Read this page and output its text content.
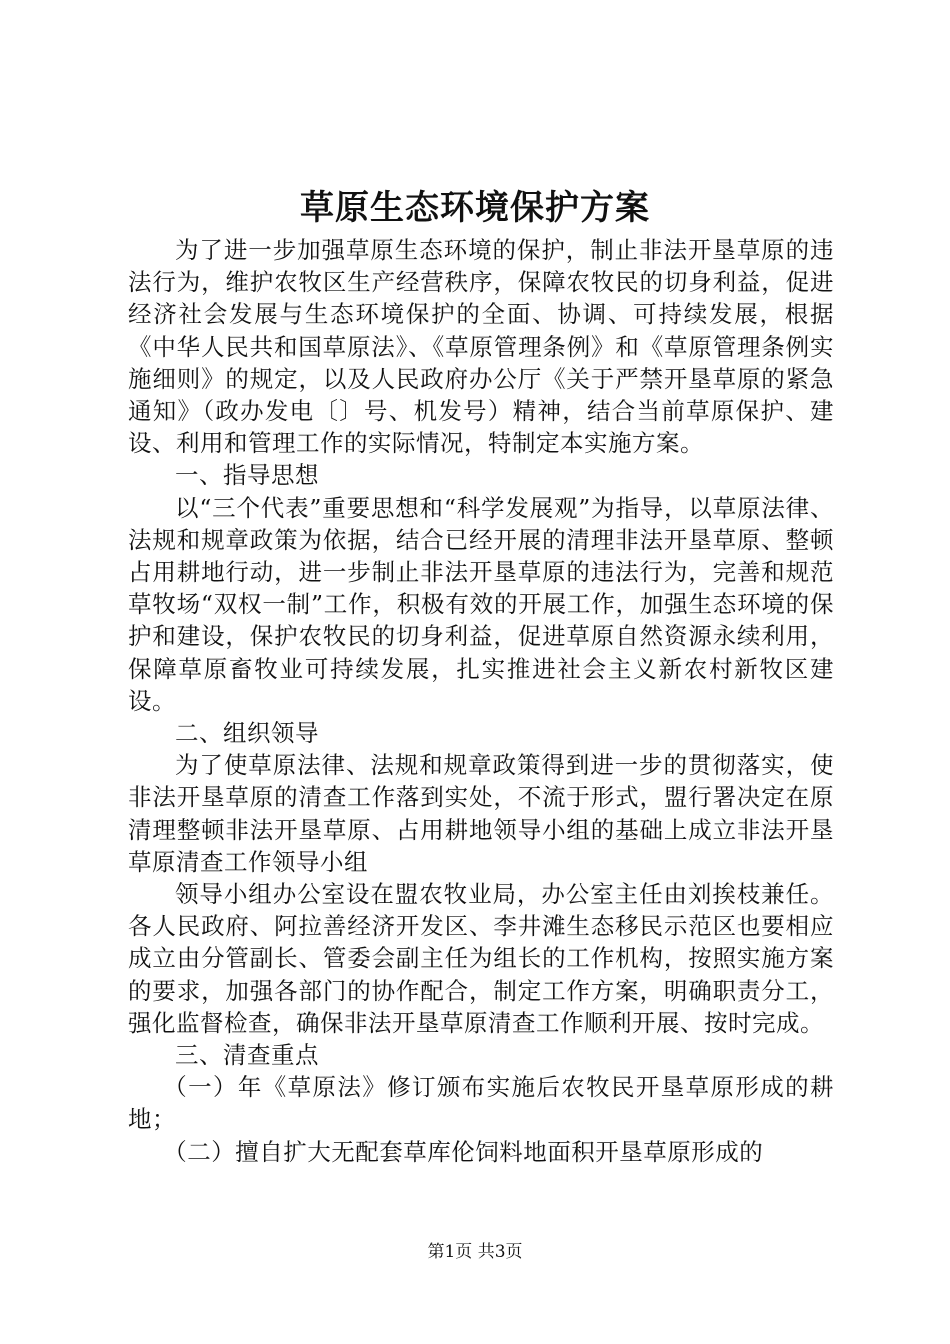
草原生态环境保护方案

为了进一步加强草原生态环境的保护，制止非法开垦草原的违法行为，维护农牧区生产经营秩序，保障农牧民的切身利益，促进经济社会发展与生态环境保护的全面、协调、可持续发展，根据《中华人民共和国草原法》、《草原管理条例》和《草原管理条例实施细则》的规定，以及人民政府办公厅《关于严禁开垦草原的紧急通知》（政办发电〔〕号、机发号）精神，结合当前草原保护、建设、利用和管理工作的实际情况，特制定本实施方案。

一、指导思想

以“三个代表”重要思想和“科学发展观”为指导，以草原法律、法规和规章政策为依据，结合已经开展的清理非法开垦草原、整顿占用耕地行动，进一步制止非法开垦草原的违法行为，完善和规范草牧场“双权一制”工作，积极有效的开展工作，加强生态环境的保护和建设，保护农牧民的切身利益，促进草原自然资源永续利用，保障草原畜牧业可持续发展，扎实推进社会主义新农村新牧区建设。

二、组织领导

为了使草原法律、法规和规章政策得到进一步的贯彻落实，使非法开垦草原的清查工作落到实处，不流于形式，盟行署决定在原清理整顿非法开垦草原、占用耕地领导小组的基础上成立非法开垦草原清查工作领导小组

领导小组办公室设在盟农牧业局，办公室主任由刘挨枝兼任。各人民政府、阿拉善经济开发区、李井滩生态移民示范区也要相应成立由分管副长、管委会副主任为组长的工作机构，按照实施方案的要求，加强各部门的协作配合，制定工作方案，明确职责分工，强化监督检查，确保非法开垦草原清查工作顺利开展、按时完成。

三、清查重点

（一）年《草原法》修订颁布实施后农牧民开垦草原形成的耕地；

（二）擅自扩大无配套草库伦饲料地面积开垦草原形成的

第1页 共3页
